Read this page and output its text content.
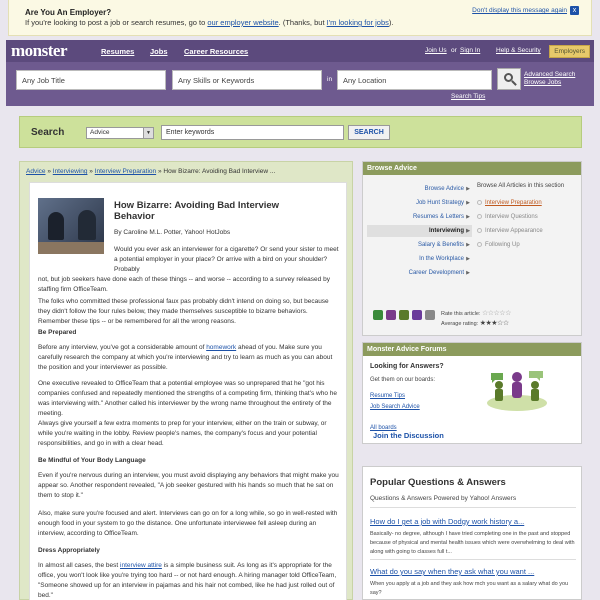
Are You An Employer?
If you're looking to post a job or search resumes, go to our employer website. (Thanks, but I'm looking for jobs).
Don't display this message again x
monster	Resumes Jobs Career Resources	Join Us or Sign In Help & Security	Employers
Any Job Title	Any Skills or Keywords	in	Any Location
Advanced Search
Browse Jobs
Search Tips
Search	Advice	▼	Enter keywords	SEARCH
Advice » Interviewing » Interview Preparation » How Bizarre: Avoiding Bad Interview ...
How Bizarre: Avoiding Bad Interview Behavior
By Caroline M.L. Potter, Yahoo! HotJobs
Would you ever ask an interviewer for a cigarette? Or send your sister to meet a potential employer in your place? Or arrive with a bird on your shoulder? Probably
not, but job seekers have done each of these things -- and worse -- according to a survey released by staffing firm OfficeTeam.
The folks who committed these professional faux pas probably didn't intend on doing so, but because they didn't follow the four rules below, they made themselves susceptible to bizarre behaviors. Remember these tips -- or be remembered for all the wrong reasons.
Be Prepared
Before any interview, you've got a considerable amount of homework ahead of you. Make sure you carefully research the company at which you're interviewing and try to learn as much as you can about the position and your interviewer as possible.
One executive revealed to OfficeTeam that a potential employee was so unprepared that he "got his companies confused and repeatedly mentioned the strengths of a competing firm, thinking that's who he was interviewing with." Another called his interviewer by the wrong name throughout the entirety of the meeting.
Always give yourself a few extra moments to prep for your interview, either on the train or subway, or while you're waiting in the lobby. Review people's names, the company's focus and your potential responsibilities, and go in with a clear head.
Be Mindful of Your Body Language
Even if you're nervous during an interview, you must avoid displaying any behaviors that might make you appear so. Another respondent revealed, "A job seeker gestured with his hands so much that he sat on them to stop it."
Also, make sure you're focused and alert. Interviews can go on for a long while, so go in well-rested with enough food in your system to go the distance. One unfortunate interviewee fell asleep during an interview, according to OfficeTeam.
Dress Appropriately
In almost all cases, the best interview attire is a simple business suit. As long as it's appropriate for the office, you won't look like you're trying too hard -- or not hard enough. A hiring manager told OfficeTeam, "Someone showed up for an interview in pajamas and his hair not combed, like he had just rolled out of bed."
Browse Advice
Browse Advice ▶
Job Hunt Strategy ▶
Resumes & Letters ▶
Interviewing ▶
Salary & Benefits ▶
In the Workplace ▶
Career Development ▶
Browse All Articles in this section
Interview Preparation
Interview Questions
Interview Appearance
Following Up

Rate this article: ☆☆☆☆☆
Average rating: ★★★☆☆
Monster Advice Forums
Looking for Answers?
Get them on our boards:
Resume Tips
Job Search Advice
All boards
Join the Discussion
Popular Questions & Answers
Questions & Answers Powered by Yahoo! Answers
How do I get a job with Dodgy work history a...
Basically- no degree, although I have tried completing one in the past and stopped because of physical and mental health issues which were overwhelming to deal with along with going to classes full t...
What do you say when they ask what you want ...
When you apply at a job and they ask how mch you want as a salary what do you say?
